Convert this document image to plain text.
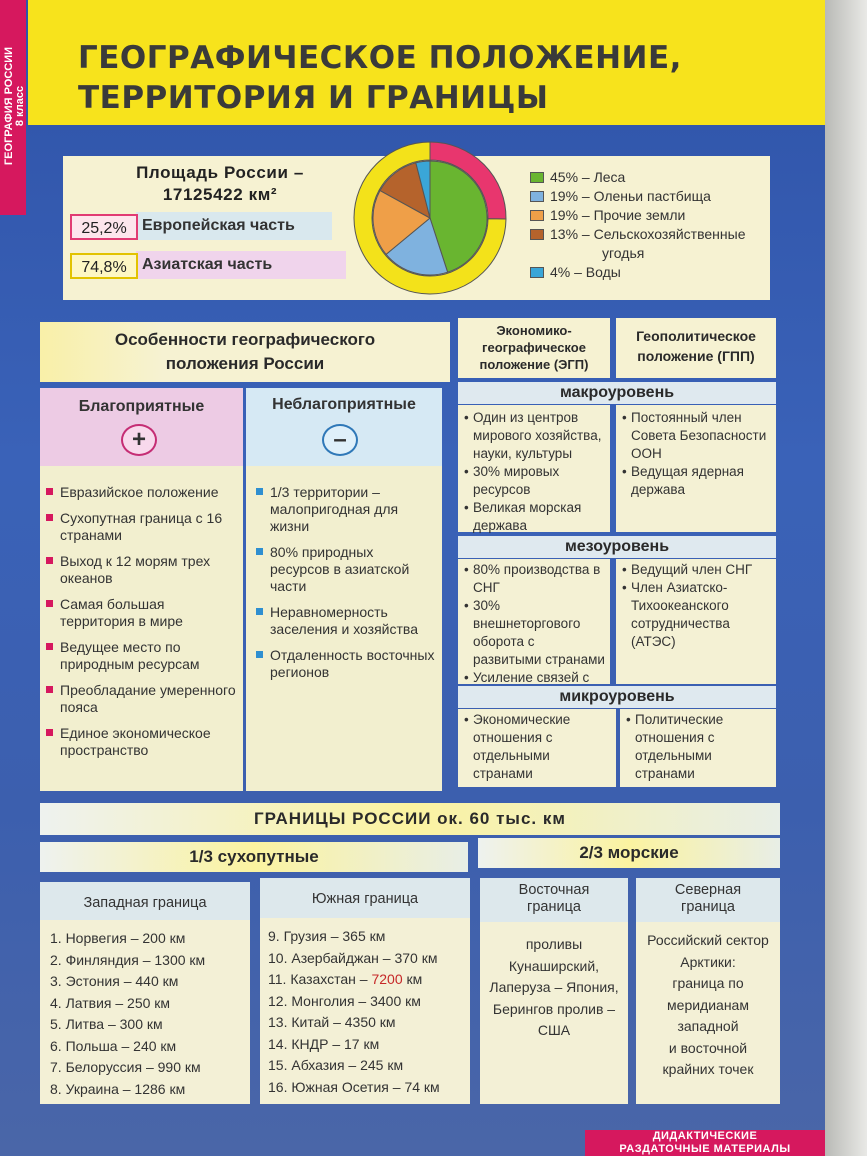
ГЕОГРАФИЯ РОССИИ 8 класс
ГЕОГРАФИЧЕСКОЕ ПОЛОЖЕНИЕ,
ТЕРРИТОРИЯ И ГРАНИЦЫ
Площадь России –
17125422 км²
Европейская часть
25,2%
Азиатская часть
74,8%
45% – Леса
19% – Оленьи пастбища
19% – Прочие земли
13% – Сельскохозяйственные
угодья
4% – Воды
Особенности географического
положения России
Благоприятные
+
Евразийское положение
Сухопутная граница с 16 странами
Выход к 12 морям трех океанов
Самая большая территория в мире
Ведущее место по природным ресурсам
Преобладание умеренного пояса
Единое экономическое пространство
Неблагоприятные
–
1/3 территории – малопригодная для жизни
80% природных ресурсов в азиатской части
Неравномерность заселения и хозяйства
Отдаленность восточных регионов
Экономико-
географическое
положение (ЭГП)
Геополитическое
положение (ГПП)
макроуровень
• Один из центров мирового хозяйства, науки, культуры
• 30% мировых ресурсов
• Великая морская держава
• Постоянный член Совета Безопасности ООН
• Ведущая ядерная держава
мезоуровень
• 80% производства в СНГ
• 30% внешнеторгового оборота с развитыми странами
• Усиление связей с
• Ведущий член СНГ
• Член Азиатско-Тихоокеанского сотрудничества (АТЭС)
микроуровень
• Экономические отношения с отдельными странами
• Политические отношения с отдельными странами
ГРАНИЦЫ РОССИИ ок. 60 тыс. км
1/3 сухопутные	2/3 морские
Западная граница
1. Норвегия – 200 км
2. Финляндия – 1300 км
3. Эстония – 440 км
4. Латвия – 250 км
5. Литва – 300 км
6. Польша – 240 км
7. Белоруссия – 990 км
8. Украина – 1286 км
Южная граница
9. Грузия – 365 км
10. Азербайджан – 370 км
11. Казахстан – 7200 км
12. Монголия – 3400 км
13. Китай – 4350 км
14. КНДР – 17 км
15. Абхазия – 245 км
16. Южная Осетия – 74 км
Восточная граница
проливы
Кунаширский,
Лаперуза – Япония,
Берингов пролив –
США
Северная граница
Российский сектор
Арктики:
граница по
меридианам
западной
и восточной
крайних точек
ДИДАКТИЧЕСКИЕ
РАЗДАТОЧНЫЕ МАТЕРИАЛЫ
